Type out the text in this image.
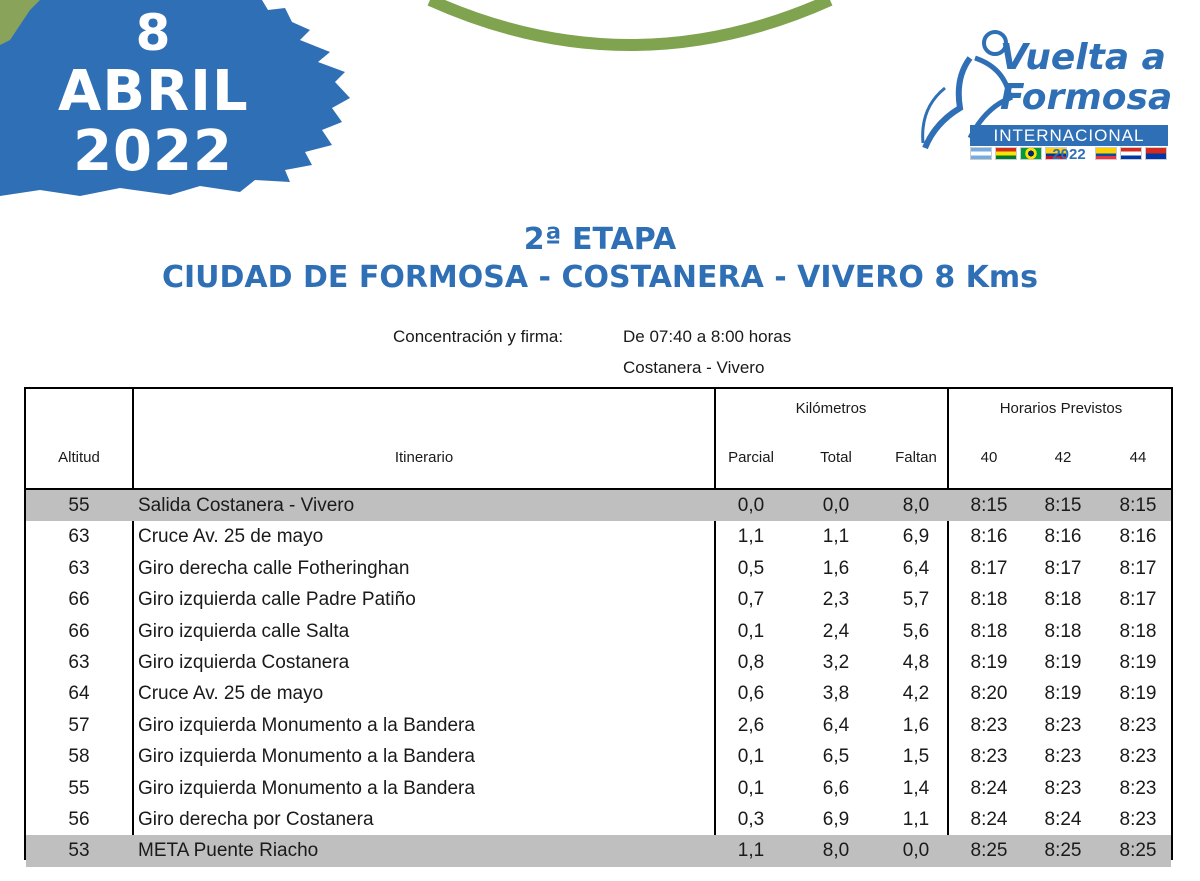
8
ABRIL
2022
Vuelta a
Formosa
INTERNACIONAL
2022
2ª ETAPA
CIUDAD DE FORMOSA - COSTANERA - VIVERO 8 Kms
Concentración y firma:	De 07:40 a 8:00 horas
Costanera - Vivero
Altitud	Itinerario
Kilómetros
Parcial	Total	Faltan
Horarios Previstos
40	42	44
55	Salida Costanera - Vivero	0,0	0,0	8,0	8:15	8:15	8:15
63	Cruce Av. 25 de mayo	1,1	1,1	6,9	8:16	8:16	8:16
63	Giro derecha calle Fotheringhan	0,5	1,6	6,4	8:17	8:17	8:17
66	Giro izquierda calle Padre Patiño	0,7	2,3	5,7	8:18	8:18	8:17
66	Giro izquierda calle Salta	0,1	2,4	5,6	8:18	8:18	8:18
63	Giro izquierda Costanera	0,8	3,2	4,8	8:19	8:19	8:19
64	Cruce Av. 25 de mayo	0,6	3,8	4,2	8:20	8:19	8:19
57	Giro izquierda Monumento a la Bandera	2,6	6,4	1,6	8:23	8:23	8:23
58	Giro izquierda Monumento a la Bandera	0,1	6,5	1,5	8:23	8:23	8:23
55	Giro izquierda Monumento a la Bandera	0,1	6,6	1,4	8:24	8:23	8:23
56	Giro derecha por Costanera	0,3	6,9	1,1	8:24	8:24	8:23
53	META Puente Riacho	1,1	8,0	0,0	8:25	8:25	8:25
